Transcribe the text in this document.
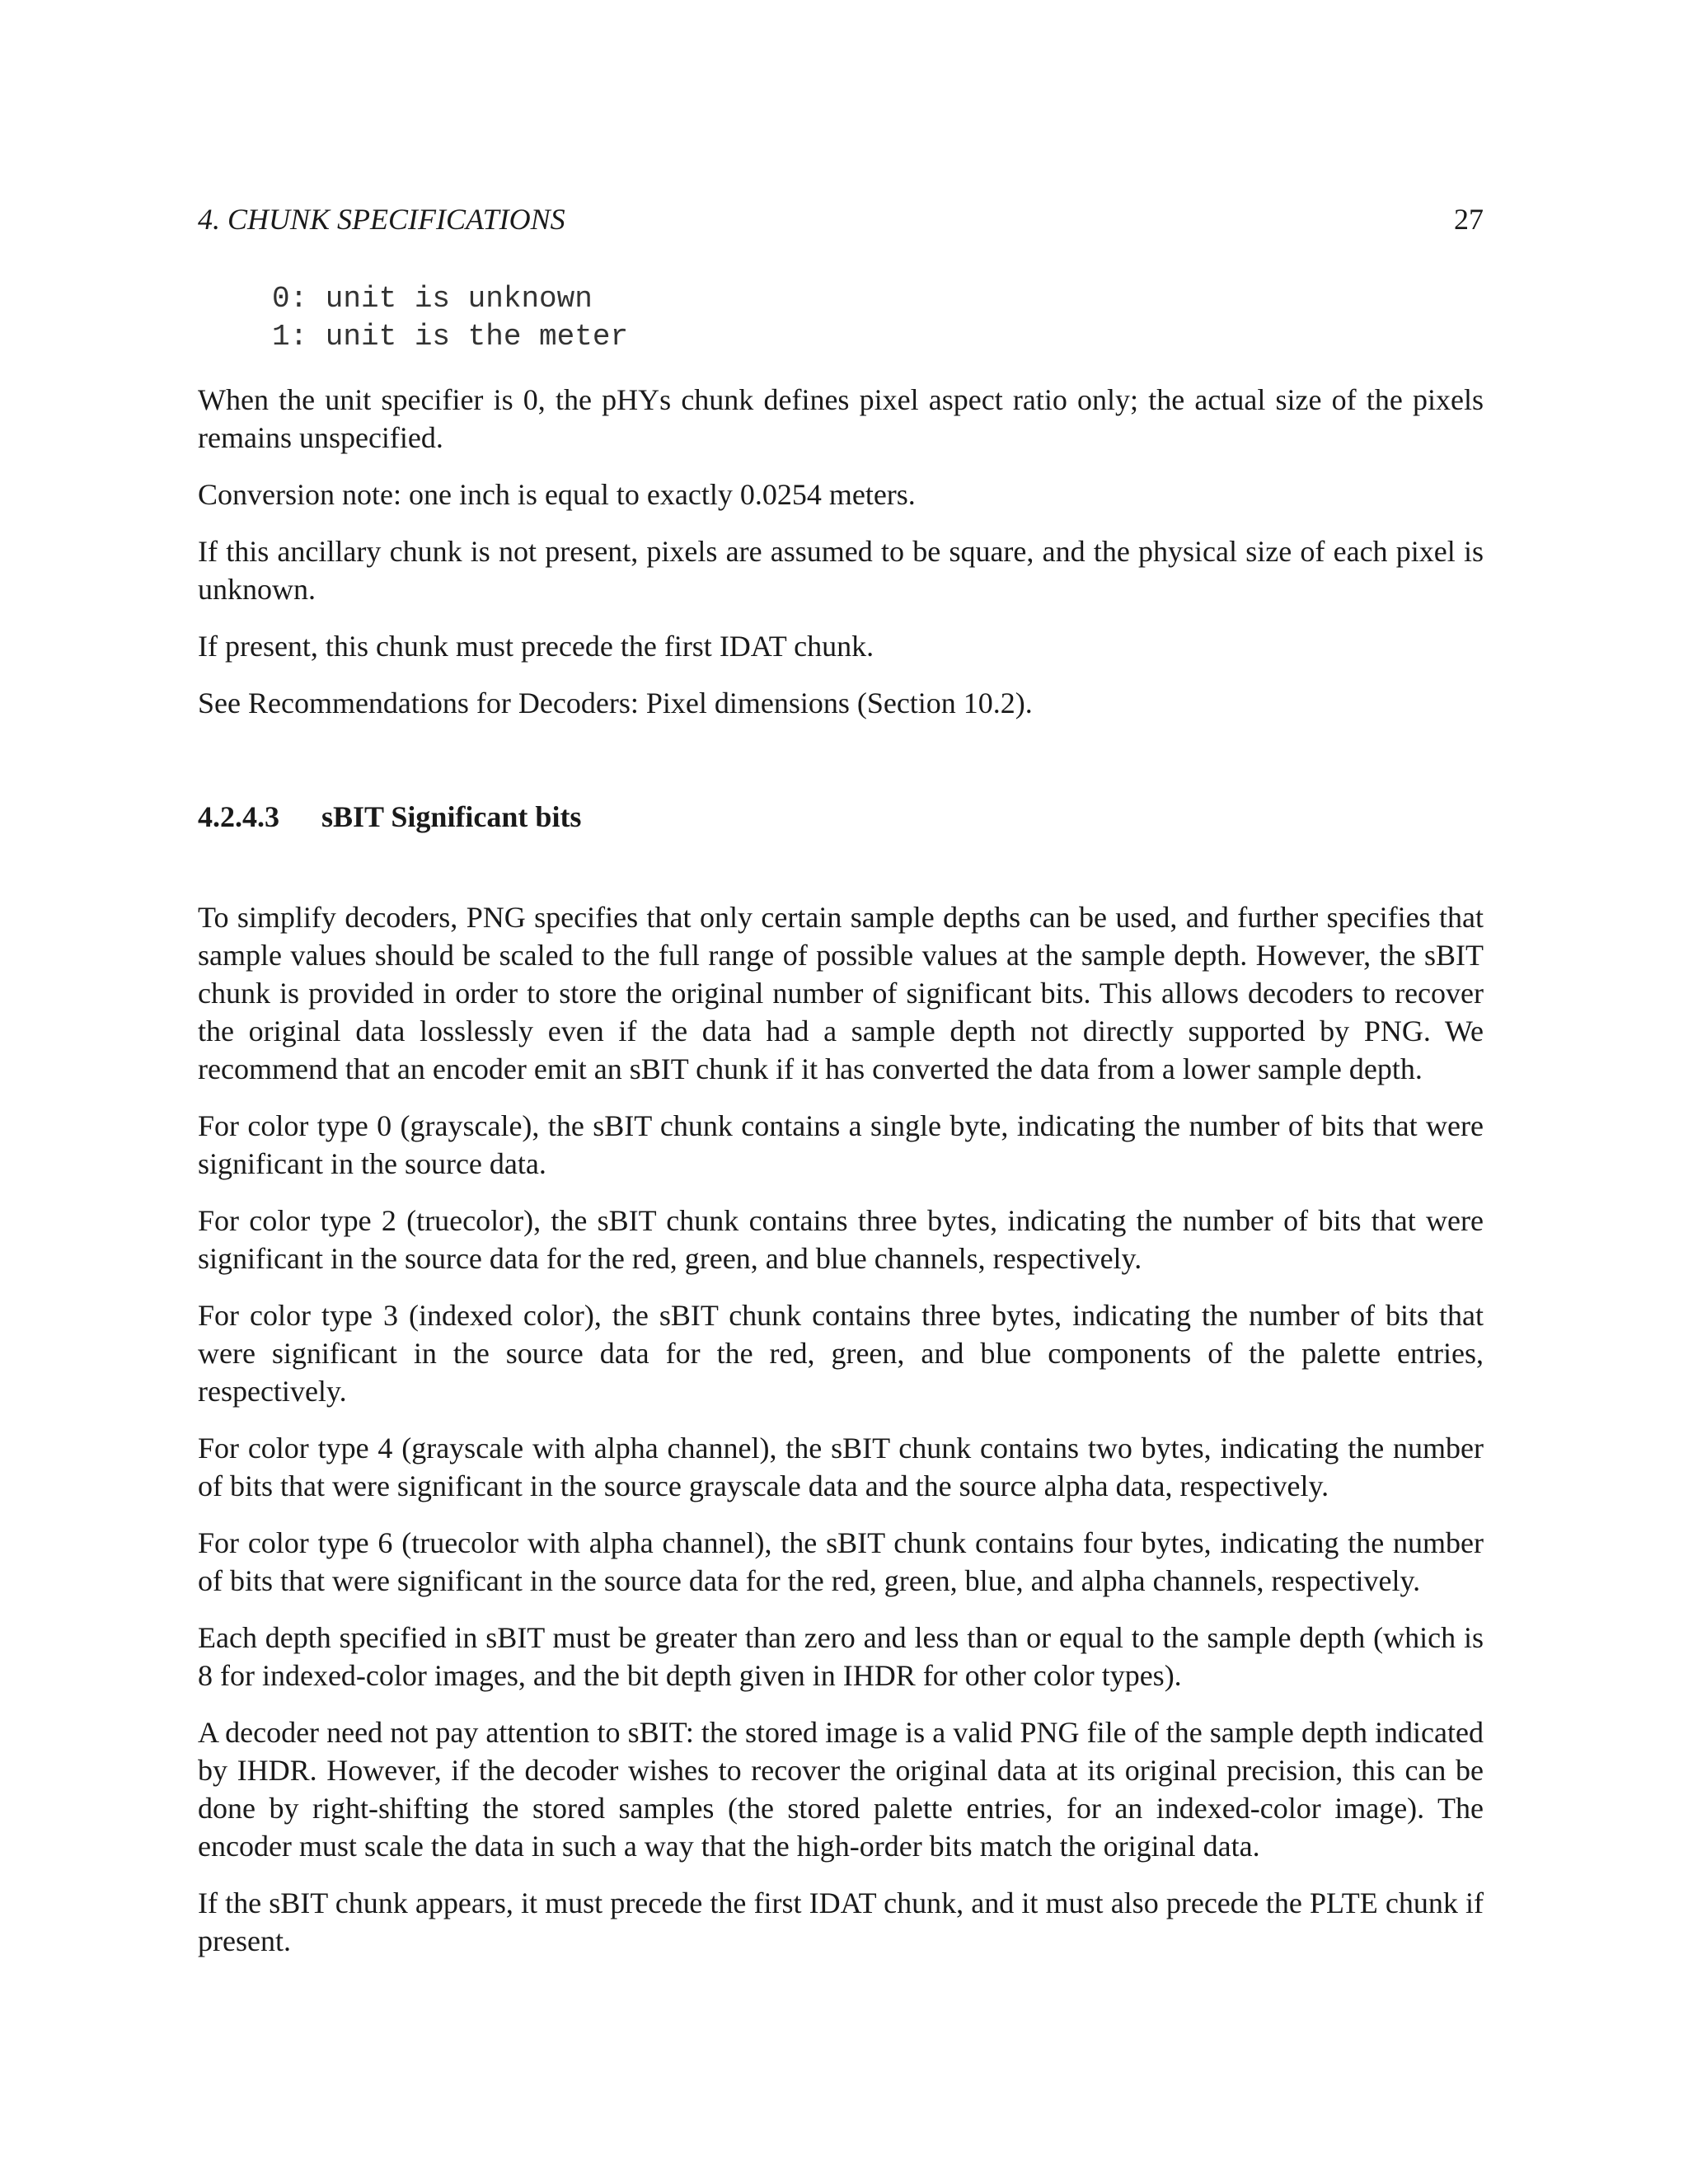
4. CHUNK SPECIFICATIONS	27
0: unit is unknown
1: unit is the meter

When the unit specifier is 0, the pHYs chunk defines pixel aspect ratio only; the actual size of the pixels remains unspecified.

Conversion note: one inch is equal to exactly 0.0254 meters.

If this ancillary chunk is not present, pixels are assumed to be square, and the physical size of each pixel is unknown.

If present, this chunk must precede the first IDAT chunk.

See Recommendations for Decoders: Pixel dimensions (Section 10.2).

4.2.4.3 sBIT Significant bits

To simplify decoders, PNG specifies that only certain sample depths can be used, and further specifies that sample values should be scaled to the full range of possible values at the sample depth. However, the sBIT chunk is provided in order to store the original number of significant bits. This allows decoders to recover the original data losslessly even if the data had a sample depth not directly supported by PNG. We recommend that an encoder emit an sBIT chunk if it has converted the data from a lower sample depth.

For color type 0 (grayscale), the sBIT chunk contains a single byte, indicating the number of bits that were significant in the source data.

For color type 2 (truecolor), the sBIT chunk contains three bytes, indicating the number of bits that were significant in the source data for the red, green, and blue channels, respectively.

For color type 3 (indexed color), the sBIT chunk contains three bytes, indicating the number of bits that were significant in the source data for the red, green, and blue components of the palette entries, respectively.

For color type 4 (grayscale with alpha channel), the sBIT chunk contains two bytes, indicating the number of bits that were significant in the source grayscale data and the source alpha data, respectively.

For color type 6 (truecolor with alpha channel), the sBIT chunk contains four bytes, indicating the number of bits that were significant in the source data for the red, green, blue, and alpha channels, respectively.

Each depth specified in sBIT must be greater than zero and less than or equal to the sample depth (which is 8 for indexed-color images, and the bit depth given in IHDR for other color types).

A decoder need not pay attention to sBIT: the stored image is a valid PNG file of the sample depth indicated by IHDR. However, if the decoder wishes to recover the original data at its original precision, this can be done by right-shifting the stored samples (the stored palette entries, for an indexed-color image). The encoder must scale the data in such a way that the high-order bits match the original data.

If the sBIT chunk appears, it must precede the first IDAT chunk, and it must also precede the PLTE chunk if present.
